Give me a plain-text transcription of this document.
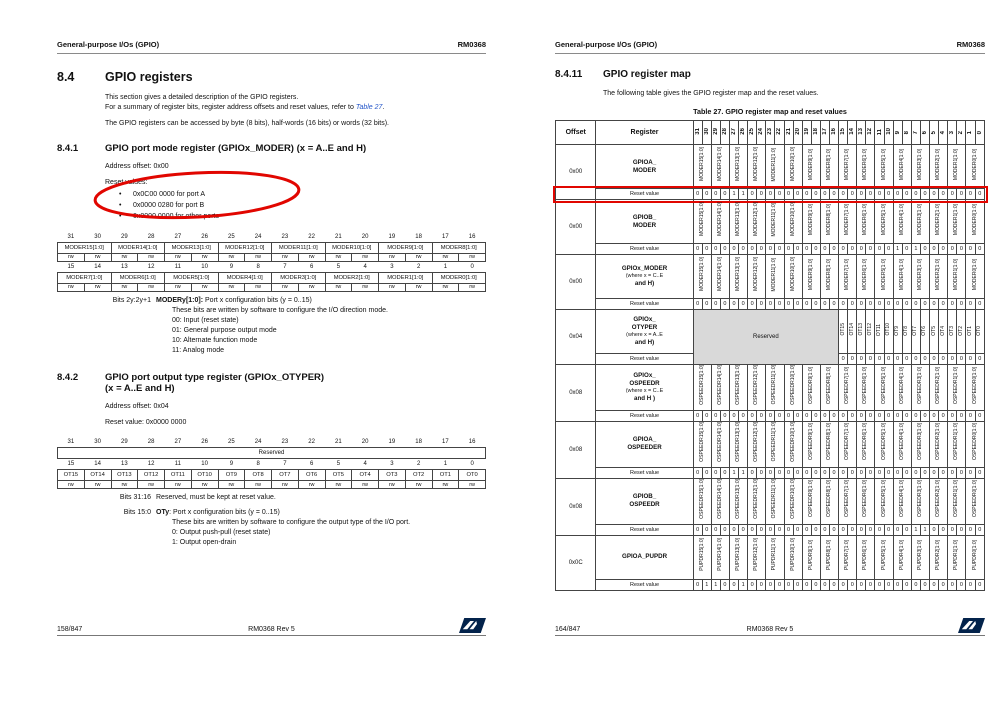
General-purpose I/Os (GPIO)	RM0368
8.4	GPIO registers

This section gives a detailed description of the GPIO registers.
For a summary of register bits, register address offsets and reset values, refer to Table 27.

The GPIO registers can be accessed by byte (8 bits), half-words (16 bits) or words (32 bits).

8.4.1	GPIO port mode register (GPIOx_MODER) (x = A..E and H)

Address offset: 0x00

Reset values:
•	0x0C00 0000 for port A
•	0x0000 0280 for port B
•	0x0000 0000 for other ports
31	30	29	28	27	26	25	24	23	22	21	20	19	18	17	16
MODER15[1:0]		MODER14[1:0]		MODER13[1:0]		MODER12[1:0]		MODER11[1:0]		MODER10[1:0]		MODER9[1:0]		MODER8[1:0]	
rw	rw	rw	rw	rw	rw	rw	rw	rw	rw	rw	rw	rw	rw	rw	rw
15	14	13	12	11	10	9	8	7	6	5	4	3	2	1	0
MODER7[1:0]		MODER6[1:0]		MODER5[1:0]		MODER4[1:0]		MODER3[1:0]		MODER2[1:0]		MODER1[1:0]		MODER0[1:0]	
rw	rw	rw	rw	rw	rw	rw	rw	rw	rw	rw	rw	rw	rw	rw	rw
Bits 2y:2y+1 MODERy[1:0]: Port x configuration bits (y = 0..15)
These bits are written by software to configure the I/O direction mode.
00: Input (reset state)
01: General purpose output mode
10: Alternate function mode
11: Analog mode
8.4.2	GPIO port output type register (GPIOx_OTYPER)
(x = A..E and H)

Address offset: 0x04

Reset value: 0x0000 0000

31	30	29	28	27	26	25	24	23	22	21	20	19	18	17	16
Reserved															
15	14	13	12	11	10	9	8	7	6	5	4	3	2	1	0
OT15	OT14	OT13	OT12	OT11	OT10	OT9	OT8	OT7	OT6	OT5	OT4	OT3	OT2	OT1	OT0
rw	rw	rw	rw	rw	rw	rw	rw	rw	rw	rw	rw	rw	rw	rw	rw
Bits 31:16 Reserved, must be kept at reset value.
Bits 15:0 OTy: Port x configuration bits (y = 0..15)
These bits are written by software to configure the output type of the I/O port.
0: Output push-pull (reset state)
1: Output open-drain
158/847	RM0368 Rev 5
General-purpose I/Os (GPIO)	RM0368
8.4.11	GPIO register map

The following table gives the GPIO register map and the reset values.

Table 27. GPIO register map and reset values
Offset	Register	31	30	29	28	27	26	25	24	23	22	21	20	19	18	17	16	15	14	13	12	11	10	9	8	7	6	5	4	3	2	1	0
0x00	GPIOA_
MODER	MODER15[1:0]		MODER14[1:0]		MODER13[1:0]		MODER12[1:0]		MODER11[1:0]		MODER10[1:0]		MODER9[1:0]		MODER8[1:0]		MODER7[1:0]		MODER6[1:0]		MODER5[1:0]		MODER4[1:0]		MODER3[1:0]		MODER2[1:0]		MODER1[1:0]		MODER0[1:0]	
	Reset value	0	0	0	0	1	1	0	0	0	0	0	0	0	0	0	0	0	0	0	0	0	0	0	0	0	0	0	0	0	0	0	0
0x00	GPIOB_
MODER	MODER15[1:0]		MODER14[1:0]		MODER13[1:0]		MODER12[1:0]		MODER11[1:0]		MODER10[1:0]		MODER9[1:0]		MODER8[1:0]		MODER7[1:0]		MODER6[1:0]		MODER5[1:0]		MODER4[1:0]		MODER3[1:0]		MODER2[1:0]		MODER1[1:0]		MODER0[1:0]	
	Reset value	0	0	0	0	0	0	0	0	0	0	0	0	0	0	0	0	0	0	0	0	0	0	1	0	1	0	0	0	0	0	0	0
0x00	GPIOx_MODER
(where x = C..E
and H)	MODER15[1:0]		MODER14[1:0]		MODER13[1:0]		MODER12[1:0]		MODER11[1:0]		MODER10[1:0]		MODER9[1:0]		MODER8[1:0]		MODER7[1:0]		MODER6[1:0]		MODER5[1:0]		MODER4[1:0]		MODER3[1:0]		MODER2[1:0]		MODER1[1:0]		MODER0[1:0]	
	Reset value	0	0	0	0	0	0	0	0	0	0	0	0	0	0	0	0	0	0	0	0	0	0	0	0	0	0	0	0	0	0	0	0
0x04	GPIOx_
OTYPER
(where x = A..E
and H)	Reserved																OT15	OT14	OT13	OT12	OT11	OT10	OT9	OT8	OT7	OT6	OT5	OT4	OT3	OT2	OT1	OT0
	Reset value																	0	0	0	0	0	0	0	0	0	0	0	0	0	0	0	0
0x08	GPIOx_
OSPEEDR
(where x = C..E
and H )	OSPEEDR15[1:0]		OSPEEDR14[1:0]		OSPEEDR13[1:0]		OSPEEDR12[1:0]		OSPEEDR11[1:0]		OSPEEDR10[1:0]		OSPEEDR9[1:0]		OSPEEDR8[1:0]		OSPEEDR7[1:0]		OSPEEDR6[1:0]		OSPEEDR5[1:0]		OSPEEDR4[1:0]		OSPEEDR3[1:0]		OSPEEDR2[1:0]		OSPEEDR1[1:0]		OSPEEDR0[1:0]	
	Reset value	0	0	0	0	0	0	0	0	0	0	0	0	0	0	0	0	0	0	0	0	0	0	0	0	0	0	0	0	0	0	0	0
0x08	GPIOA_
OSPEEDER	OSPEEDR15[1:0]		OSPEEDR14[1:0]		OSPEEDR13[1:0]		OSPEEDR12[1:0]		OSPEEDR11[1:0]		OSPEEDR10[1:0]		OSPEEDR9[1:0]		OSPEEDR8[1:0]		OSPEEDR7[1:0]		OSPEEDR6[1:0]		OSPEEDR5[1:0]		OSPEEDR4[1:0]		OSPEEDR3[1:0]		OSPEEDR2[1:0]		OSPEEDR1[1:0]		OSPEEDR0[1:0]	
	Reset value	0	0	0	0	1	1	0	0	0	0	0	0	0	0	0	0	0	0	0	0	0	0	0	0	0	0	0	0	0	0	0	0
0x08	GPIOB_
OSPEEDR	OSPEEDR15[1:0]		OSPEEDR14[1:0]		OSPEEDR13[1:0]		OSPEEDR12[1:0]		OSPEEDR11[1:0]		OSPEEDR10[1:0]		OSPEEDR9[1:0]		OSPEEDR8[1:0]		OSPEEDR7[1:0]		OSPEEDR6[1:0]		OSPEEDR5[1:0]		OSPEEDR4[1:0]		OSPEEDR3[1:0]		OSPEEDR2[1:0]		OSPEEDR1[1:0]		OSPEEDR0[1:0]	
	Reset value	0	0	0	0	0	0	0	0	0	0	0	0	0	0	0	0	0	0	0	0	0	0	0	0	1	1	0	0	0	0	0	0
0x0C	GPIOA_PUPDR	PUPDR15[1:0]		PUPDR14[1:0]		PUPDR13[1:0]		PUPDR12[1:0]		PUPDR11[1:0]		PUPDR10[1:0]		PUPDR9[1:0]		PUPDR8[1:0]		PUPDR7[1:0]		PUPDR6[1:0]		PUPDR5[1:0]		PUPDR4[1:0]		PUPDR3[1:0]		PUPDR2[1:0]		PUPDR1[1:0]		PUPDR0[1:0]	
	Reset value	0	1	1	0	0	1	0	0	0	0	0	0	0	0	0	0	0	0	0	0	0	0	0	0	0	0	0	0	0	0	0	0
164/847	RM0368 Rev 5
